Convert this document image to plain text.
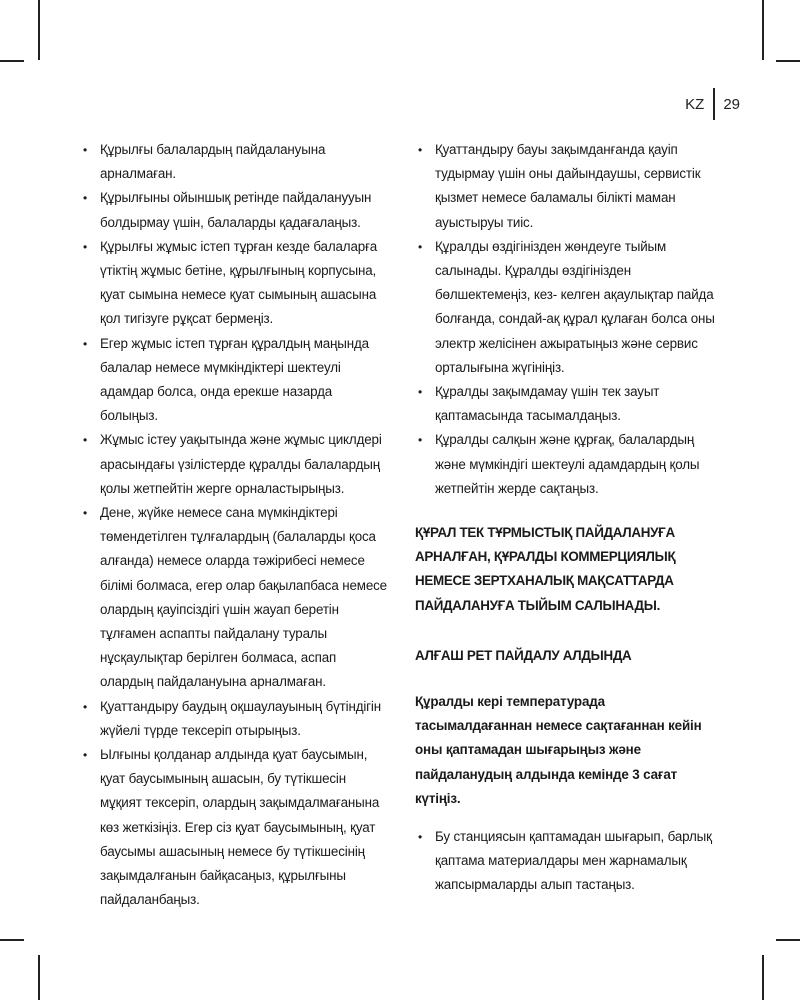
KZ 29
• Құрылғы балалардың пайдалануына арналмаған.
• Құрылғыны ойыншық ретінде пайдаланууын болдырмау үшін, балаларды қадағалаңыз.
• Құрылғы жұмыс істеп тұрған кезде балаларға үтіктің жұмыс бетіне, құрылғының корпусына, қуат сымына немесе қуат сымының ашасына қол тигізуге рұқсат бермеңіз.
• Егер жұмыс істеп тұрған құралдың маңында балалар немесе мүмкіндіктері шектеулі адамдар болса, онда ерекше назарда болыңыз.
• Жұмыс істеу уақытында және жұмыс циклдері арасындағы үзілістерде құралды балалардың қолы жетпейтін жерге орналастырыңыз.
• Дене, жүйке немесе сана мүмкіндіктері төмендетілген тұлғалардың (балаларды қоса алғанда) немесе оларда тәжірибесі немесе білімі болмаса, егер олар бақылапбаса немесе олардың қауіпсіздігі үшін жауап беретін тұлғамен аспапты пайдалану туралы нұсқаулықтар берілген болмаса, аспап олардың пайдалануына арналмаған.
• Қуаттандыру баудың оқшаулауының бүтіндігін жүйелі түрде тексеріп отырыңыз.
• Ылғыны қолданар алдында қуат баусымын, қуат баусымының ашасын, бу түтікшесін мұқият тексеріп, олардың зақымдалмағанына көз жеткізіңіз. Егер сіз қуат баусымының, қуат баусымы ашасының немесе бу түтікшесінің зақымдалғанын байқасаңыз, құрылғыны пайдаланбаңыз.
• Қуаттандыру бауы зақымданғанда қауіп тудырмау үшін оны дайындаушы, сервистік қызмет немесе баламалы білікті маман ауыстыруы тиіс.
• Құралды өздігінізден жөндеуге тыйым салынады. Құралды өздігінізден бөлшектемеңіз, кез- келген ақаулықтар пайда болғанда, сондай-ақ құрал құлаған болса оны электр желісінен ажыратыңыз және сервис орталығына жүгініңіз.
• Құралды зақымдамау үшін тек зауыт қаптамасында тасымалдаңыз.
• Құралды салқын және құрғақ, балалардың және мүмкіндігі шектеулі адамдардың қолы жетпейтін жерде сақтаңыз.
ҚҰРАЛ ТЕК ТҰРМЫСТЫҚ ПАЙДАЛАНУҒА АРНАЛҒАН, ҚҰРАЛДЫ КОММЕРЦИЯЛЫҚ НЕМЕСЕ ЗЕРТХАНАЛЫҚ МАҚСАТТАРДА ПАЙДАЛАНУҒА ТЫЙЫМ САЛЫНАДЫ.
АЛҒАШ РЕТ ПАЙДАЛУ АЛДЫНДА
Құралды кері температурада тасымалдағаннан немесе сақтағаннан кейін оны қаптамадан шығарыңыз және пайдаланудың алдында кемінде 3 сағат күтіңіз.
• Бу станциясын қаптамадан шығарып, барлық қаптама материалдары мен жарнамалық жапсырмаларды алып тастаңыз.
